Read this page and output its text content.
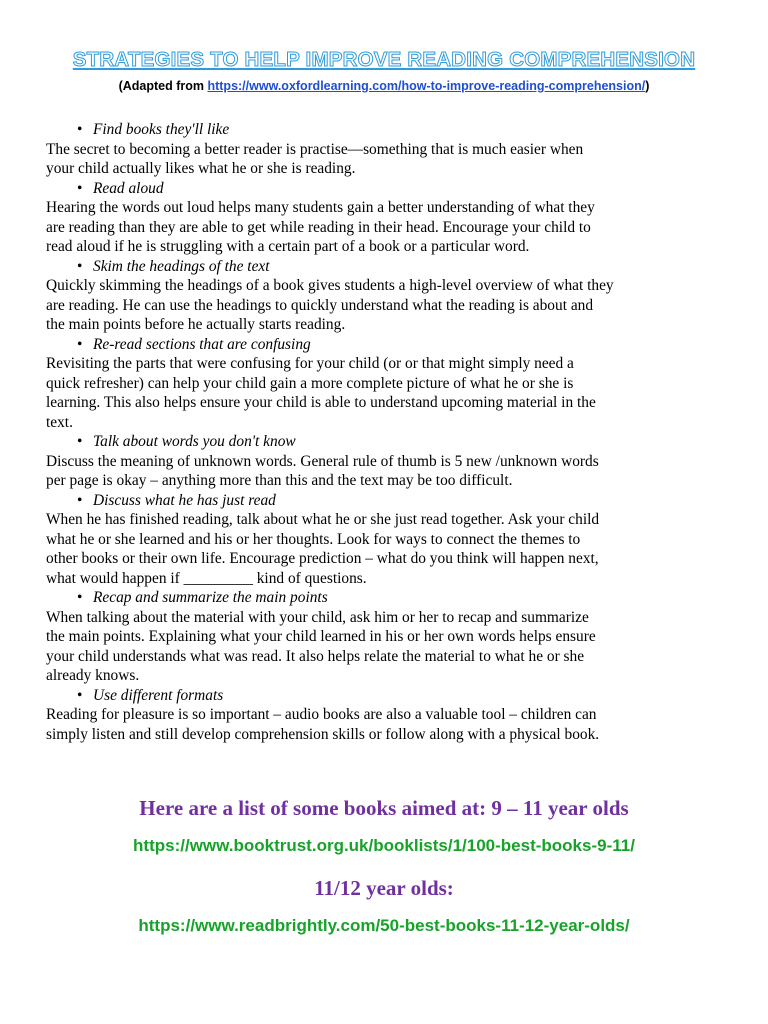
STRATEGIES TO HELP IMPROVE READING COMPREHENSION
(Adapted from https://www.oxfordlearning.com/how-to-improve-reading-comprehension/)
• Find books they'll like
The secret to becoming a better reader is practise—something that is much easier when
your child actually likes what he or she is reading.
• Read aloud
Hearing the words out loud helps many students gain a better understanding of what they
are reading than they are able to get while reading in their head. Encourage your child to
read aloud if he is struggling with a certain part of a book or a particular word.
• Skim the headings of the text
Quickly skimming the headings of a book gives students a high-level overview of what they
are reading. He can use the headings to quickly understand what the reading is about and
the main points before he actually starts reading.
• Re-read sections that are confusing
Revisiting the parts that were confusing for your child (or or that might simply need a
quick refresher) can help your child gain a more complete picture of what he or she is
learning. This also helps ensure your child is able to understand upcoming material in the
text.
• Talk about words you don't know
Discuss the meaning of unknown words. General rule of thumb is 5 new /unknown words
per page is okay – anything more than this and the text may be too difficult.
• Discuss what he has just read
When he has finished reading, talk about what he or she just read together. Ask your child
what he or she learned and his or her thoughts. Look for ways to connect the themes to
other books or their own life. Encourage prediction – what do you think will happen next,
what would happen if _________ kind of questions.
• Recap and summarize the main points
When talking about the material with your child, ask him or her to recap and summarize
the main points. Explaining what your child learned in his or her own words helps ensure
your child understands what was read. It also helps relate the material to what he or she
already knows.
• Use different formats
Reading for pleasure is so important – audio books are also a valuable tool – children can
simply listen and still develop comprehension skills or follow along with a physical book.
Here are a list of some books aimed at: 9 – 11 year olds
https://www.booktrust.org.uk/booklists/1/100-best-books-9-11/
11/12 year olds:
https://www.readbrightly.com/50-best-books-11-12-year-olds/
